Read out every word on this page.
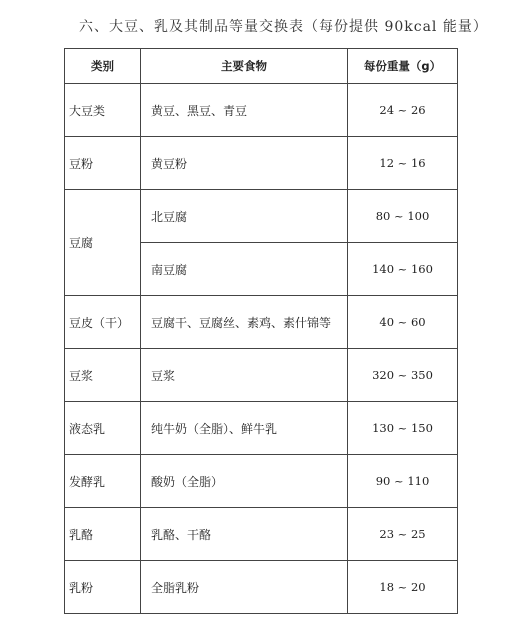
六、大豆、乳及其制品等量交换表（每份提供 90kcal 能量）
类别	主要食物	每份重量（g）
大豆类	黄豆、黑豆、青豆	24 ~ 26
豆粉	黄豆粉	12 ~ 16
豆腐	北豆腐	80 ~ 100
	南豆腐	140 ~ 160
豆皮（干）	豆腐干、豆腐丝、素鸡、素什锦等	40 ~ 60
豆浆	豆浆	320 ~ 350
液态乳	纯牛奶（全脂）、鲜牛乳	130 ~ 150
发酵乳	酸奶（全脂）	90 ~ 110
乳酪	乳酪、干酪	23 ~ 25
乳粉	全脂乳粉	18 ~ 20
